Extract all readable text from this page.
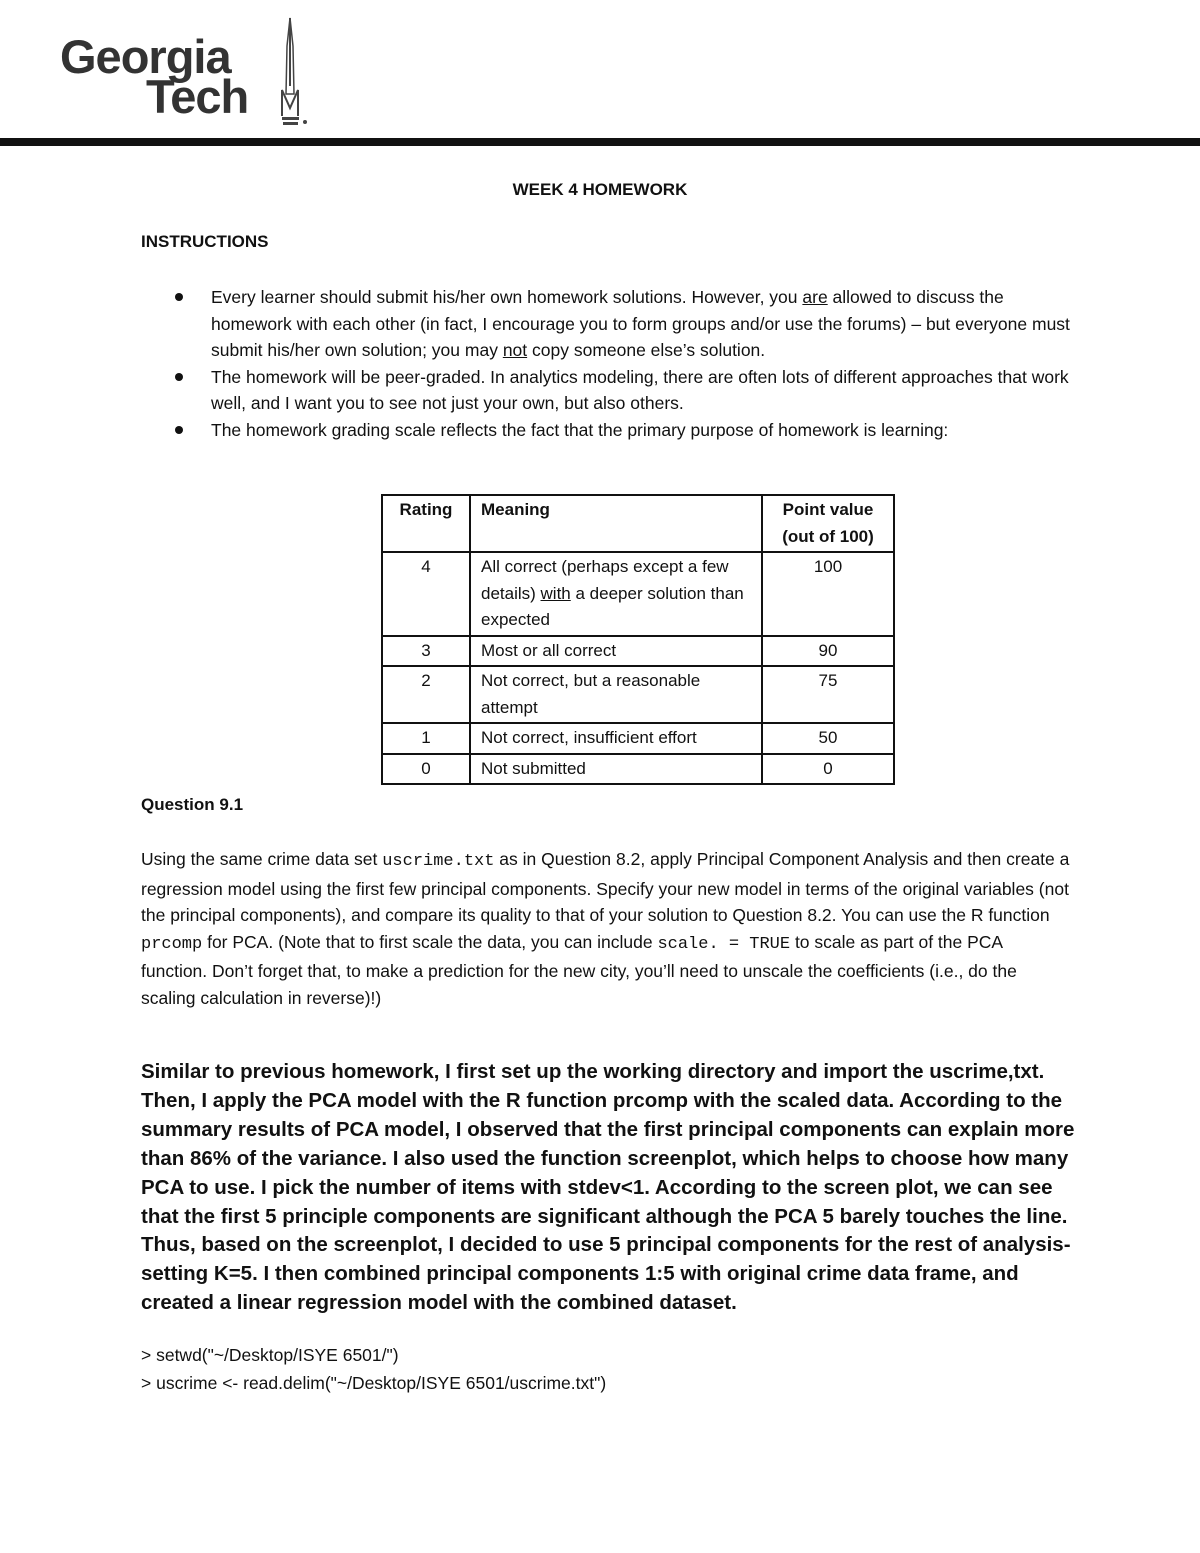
Georgia
Tech
WEEK 4 HOMEWORK
INSTRUCTIONS
Every learner should submit his/her own homework solutions. However, you are allowed to discuss the homework with each other (in fact, I encourage you to form groups and/or use the forums) – but everyone must submit his/her own solution; you may not copy someone else’s solution.
The homework will be peer-graded. In analytics modeling, there are often lots of different approaches that work well, and I want you to see not just your own, but also others.
The homework grading scale reflects the fact that the primary purpose of homework is learning:
Rating	Meaning	Point value (out of 100)
4	All correct (perhaps except a few details) with a deeper solution than expected	100
3	Most or all correct	90
2	Not correct, but a reasonable attempt	75
1	Not correct, insufficient effort	50
0	Not submitted	0
Question 9.1
Using the same crime data set uscrime.txt as in Question 8.2, apply Principal Component Analysis and then create a regression model using the first few principal components. Specify your new model in terms of the original variables (not the principal components), and compare its quality to that of your solution to Question 8.2. You can use the R function prcomp for PCA. (Note that to first scale the data, you can include scale. = TRUE to scale as part of the PCA function. Don’t forget that, to make a prediction for the new city, you’ll need to unscale the coefficients (i.e., do the scaling calculation in reverse)!)
Similar to previous homework, I first set up the working directory and import the uscrime,txt. Then, I apply the PCA model with the R function prcomp with the scaled data. According to the summary results of PCA model, I observed that the first principal components can explain more than 86% of the variance. I also used the function screenplot, which helps to choose how many PCA to use. I pick the number of items with stdev<1. According to the screen plot, we can see that the first 5 principle components are significant although the PCA 5 barely touches the line. Thus, based on the screenplot, I decided to use 5 principal components for the rest of analysis- setting K=5. I then combined principal components 1:5 with original crime data frame, and created a linear regression model with the combined dataset.
> setwd("~/Desktop/ISYE 6501/")
> uscrime <- read.delim("~/Desktop/ISYE 6501/uscrime.txt")
